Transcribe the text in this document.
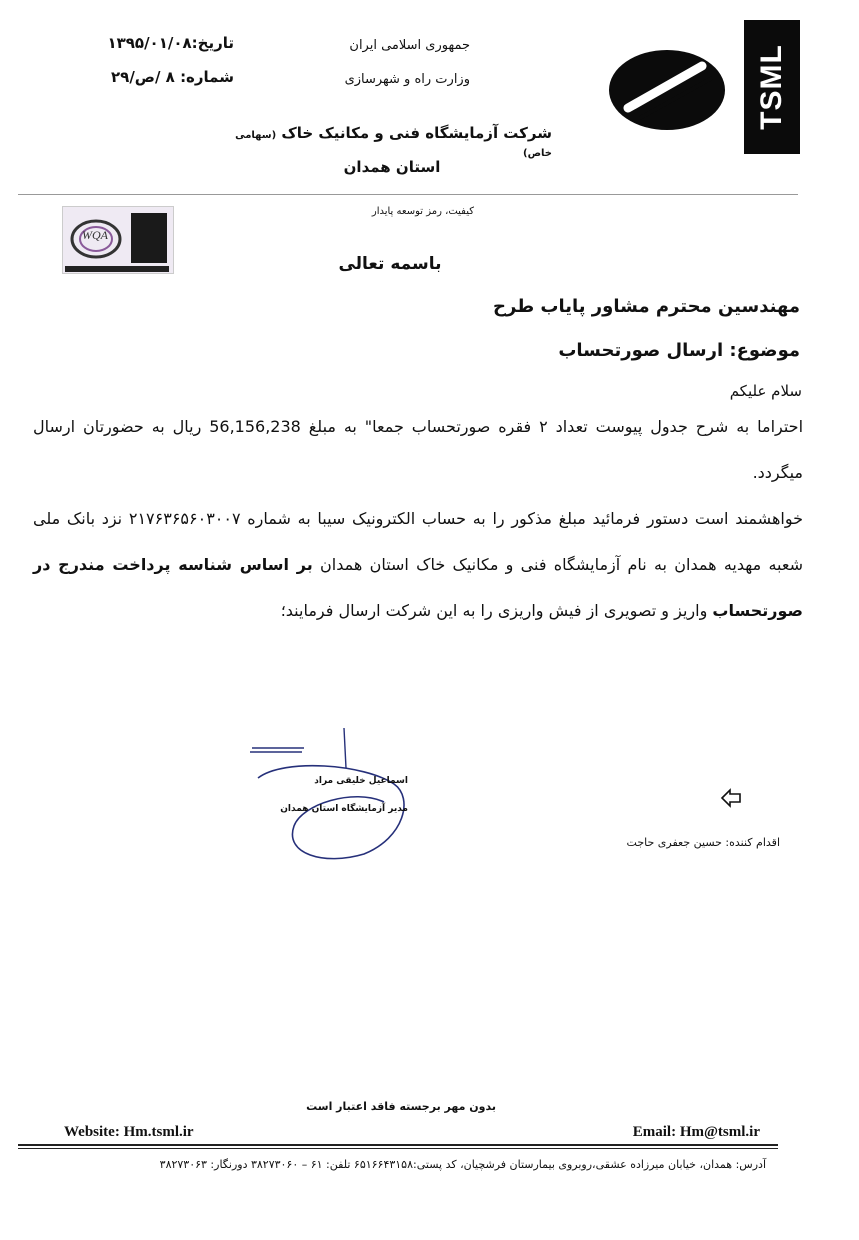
TSML
جمهوری اسلامی ایران
وزارت راه و شهرسازی
شرکت آزمایشگاه فنی و مکانیک خاک (سهامی خاص)
استان همدان
تاریخ:۱۳۹۵/۰۱/۰۸
شماره: ۸ /ص/۲۹
کیفیت، رمز توسعه پایدار
WQA
باسمه تعالی
مهندسین محترم مشاور پایاب طرح
موضوع: ارسال صورتحساب
سلام علیکم
احتراما به شرح جدول پیوست تعداد ۲ فقره صورتحساب جمعا" به مبلغ 56,156,238 ریال به حضورتان ارسال میگردد.
خواهشمند است دستور فرمائید مبلغ مذکور را به حساب الکترونیک سیبا به شماره ۲۱۷۶۳۶۵۶۰۳۰۰۷ نزد بانک ملی شعبه مهدیه همدان به نام آزمایشگاه فنی و مکانیک خاک استان همدان بر اساس شناسه پرداخت مندرج در صورتحساب واریز و تصویری از فیش واریزی را به این شرکت ارسال فرمایند؛
اسماعیل خلیقی مراد
مدیر آزمایشگاه استان همدان
اقدام کننده: حسین جعفری حاجت
بدون مهر برجسته فاقد اعتبار است
Website: Hm.tsml.ir	Email: Hm@tsml.ir
آدرس: همدان، خیابان میرزاده عشقی،روبروی بیمارستان فرشچیان، کد پستی:۶۵۱۶۶۴۳۱۵۸ تلفن: ۶۱ – ۳۸۲۷۳۰۶۰ دورنگار: ۳۸۲۷۳۰۶۳
